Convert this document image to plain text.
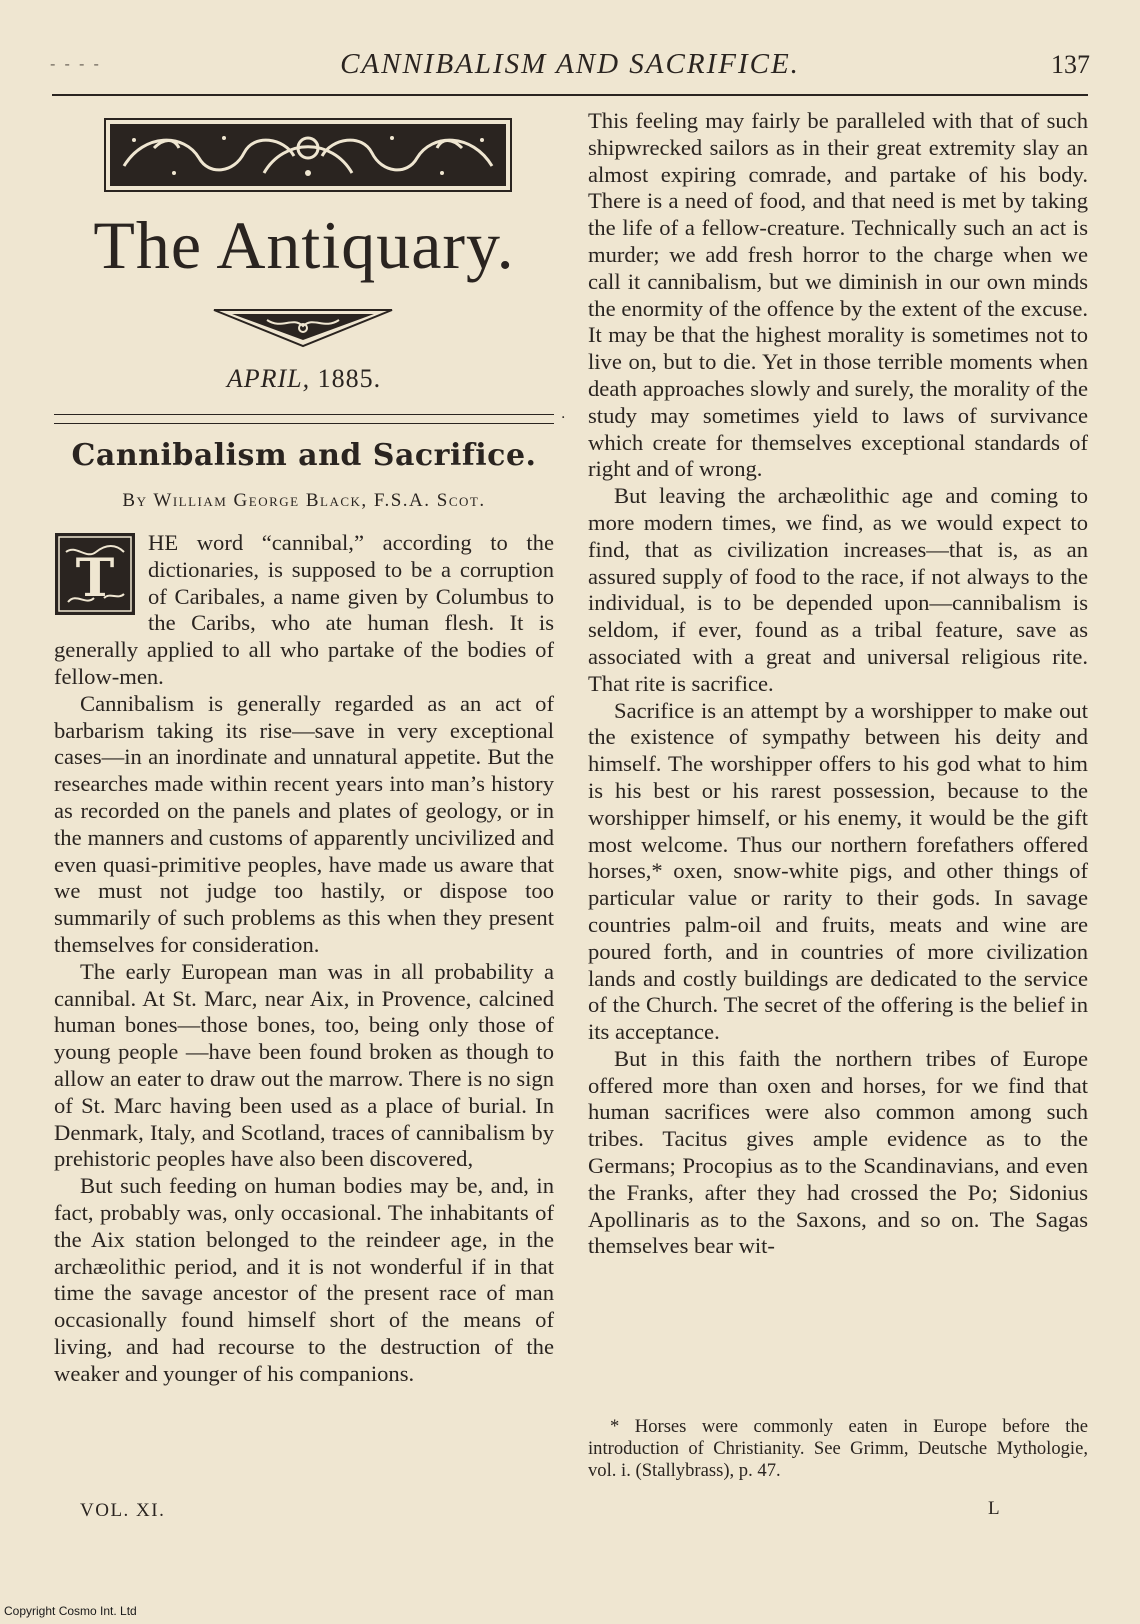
- - - -	CANNIBALISM AND SACRIFICE.	137
The Antiquary.
APRIL, 1885.
·
Cannibalism and Sacrifice.
By William George Black, F.S.A. Scot.
T

HE word “cannibal,” according to the dictionaries, is supposed to be a corruption of Caribales, a name given by Columbus to the Caribs, who ate human flesh. It is generally applied to all who partake of the bodies of fellow-men.

Cannibalism is generally regarded as an act of barbarism taking its rise—save in very exceptional cases—in an inordinate and unnatural appetite. But the researches made within recent years into man’s history as recorded on the panels and plates of geology, or in the manners and customs of apparently uncivilized and even quasi-primitive peoples, have made us aware that we must not judge too hastily, or dispose too summarily of such problems as this when they present themselves for consideration.

The early European man was in all probability a cannibal. At St. Marc, near Aix, in Provence, calcined human bones—those bones, too, being only those of young people —have been found broken as though to allow an eater to draw out the marrow. There is no sign of St. Marc having been used as a place of burial. In Denmark, Italy, and Scotland, traces of cannibalism by prehistoric peoples have also been discovered,

But such feeding on human bodies may be, and, in fact, probably was, only occasional. The inhabitants of the Aix station belonged to the reindeer age, in the archæolithic period, and it is not wonderful if in that time the savage ancestor of the present race of man occasionally found himself short of the means of living, and had recourse to the destruction of the weaker and younger of his companions.

This feeling may fairly be paralleled with that of such shipwrecked sailors as in their great extremity slay an almost expiring comrade, and partake of his body. There is a need of food, and that need is met by taking the life of a fellow-creature. Technically such an act is murder; we add fresh horror to the charge when we call it cannibalism, but we diminish in our own minds the enormity of the offence by the extent of the excuse. It may be that the highest morality is sometimes not to live on, but to die. Yet in those terrible moments when death approaches slowly and surely, the morality of the study may sometimes yield to laws of survivance which create for themselves exceptional standards of right and of wrong.

But leaving the archæolithic age and coming to more modern times, we find, as we would expect to find, that as civilization increases—that is, as an assured supply of food to the race, if not always to the individual, is to be depended upon—cannibalism is seldom, if ever, found as a tribal feature, save as associated with a great and universal religious rite. That rite is sacrifice.

Sacrifice is an attempt by a worshipper to make out the existence of sympathy between his deity and himself. The worshipper offers to his god what to him is his best or his rarest possession, because to the worshipper himself, or his enemy, it would be the gift most welcome. Thus our northern forefathers offered horses,* oxen, snow-white pigs, and other things of particular value or rarity to their gods. In savage countries palm-oil and fruits, meats and wine are poured forth, and in countries of more civilization lands and costly buildings are dedicated to the service of the Church. The secret of the offering is the belief in its acceptance.

But in this faith the northern tribes of Europe offered more than oxen and horses, for we find that human sacrifices were also common among such tribes. Tacitus gives ample evidence as to the Germans; Procopius as to the Scandinavians, and even the Franks, after they had crossed the Po; Sidonius Apollinaris as to the Saxons, and so on. The Sagas themselves bear wit-

* Horses were commonly eaten in Europe before the introduction of Christianity. See Grimm, Deutsche Mythologie, vol. i. (Stallybrass), p. 47.

VOL. XI.	L
Copyright Cosmo Int. Ltd
